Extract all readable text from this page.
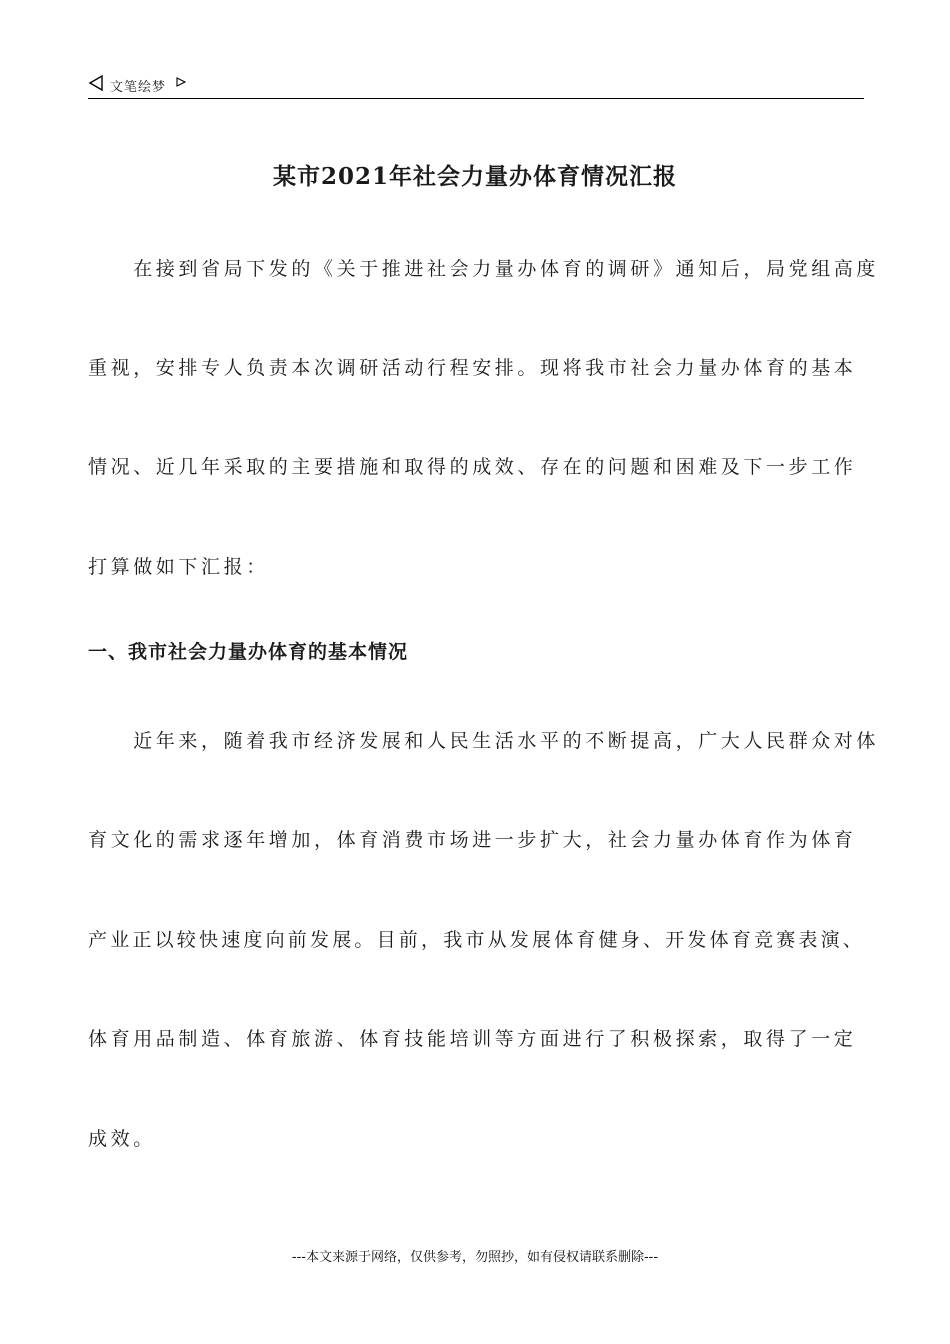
文笔绘梦
某市2021年社会力量办体育情况汇报
　　在接到省局下发的《关于推进社会力量办体育的调研》通知后，局党组高度
重视，安排专人负责本次调研活动行程安排。现将我市社会力量办体育的基本
情况、近几年采取的主要措施和取得的成效、存在的问题和困难及下一步工作
打算做如下汇报：
一、我市社会力量办体育的基本情况
　　近年来，随着我市经济发展和人民生活水平的不断提高，广大人民群众对体
育文化的需求逐年增加，体育消费市场进一步扩大，社会力量办体育作为体育
产业正以较快速度向前发展。目前，我市从发展体育健身、开发体育竞赛表演、
体育用品制造、体育旅游、体育技能培训等方面进行了积极探索，取得了一定
成效。
---本文来源于网络，仅供参考，勿照抄，如有侵权请联系删除---
